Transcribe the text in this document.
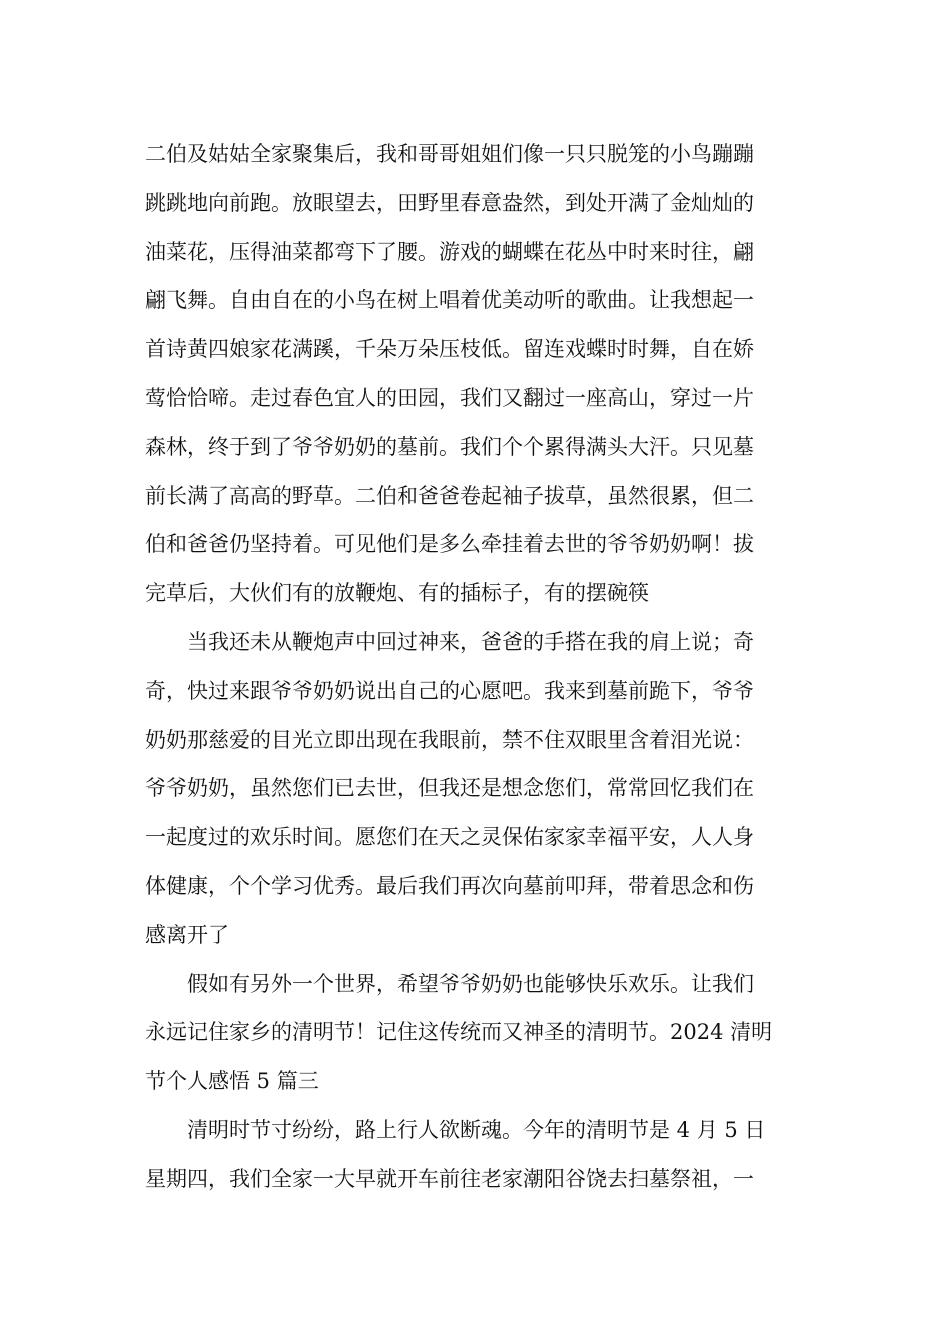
二伯及姑姑全家聚集后，我和哥哥姐姐们像一只只脱笼的小鸟蹦蹦
跳跳地向前跑。放眼望去，田野里春意盎然，到处开满了金灿灿的
油菜花，压得油菜都弯下了腰。游戏的蝴蝶在花丛中时来时往，翩
翩飞舞。自由自在的小鸟在树上唱着优美动听的歌曲。让我想起一
首诗黄四娘家花满蹊，千朵万朵压枝低。留连戏蝶时时舞，自在娇
莺恰恰啼。走过春色宜人的田园，我们又翻过一座高山，穿过一片
森林，终于到了爷爷奶奶的墓前。我们个个累得满头大汗。只见墓
前长满了高高的野草。二伯和爸爸卷起袖子拔草，虽然很累，但二
伯和爸爸仍坚持着。可见他们是多么牵挂着去世的爷爷奶奶啊！拔
完草后，大伙们有的放鞭炮、有的插标子，有的摆碗筷
当我还未从鞭炮声中回过神来，爸爸的手搭在我的肩上说；奇
奇，快过来跟爷爷奶奶说出自己的心愿吧。我来到墓前跪下，爷爷
奶奶那慈爱的目光立即出现在我眼前，禁不住双眼里含着泪光说：
爷爷奶奶，虽然您们已去世，但我还是想念您们，常常回忆我们在
一起度过的欢乐时间。愿您们在天之灵保佑家家幸福平安，人人身
体健康，个个学习优秀。最后我们再次向墓前叩拜，带着思念和伤
感离开了
假如有另外一个世界，希望爷爷奶奶也能够快乐欢乐。让我们
永远记住家乡的清明节！记住这传统而又神圣的清明节。2024 清明
节个人感悟 5 篇三
清明时节寸纷纷，路上行人欲断魂。今年的清明节是 4 月 5 日
星期四，我们全家一大早就开车前往老家潮阳谷饶去扫墓祭祖，一
